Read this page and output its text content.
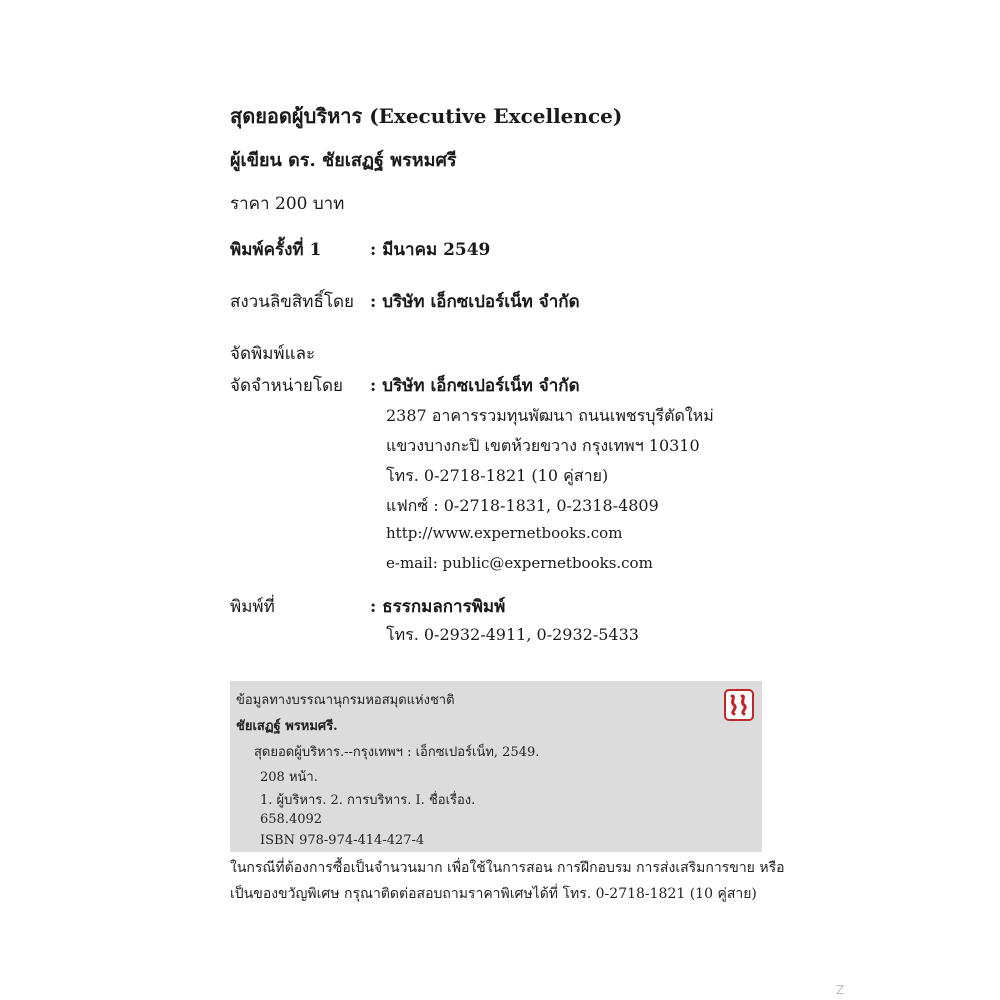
สุดยอดผู้บริหาร (Executive Excellence)
ผู้เขียน ดร. ชัยเสฏฐ์ พรหมศรี
ราคา 200 บาท
พิมพ์ครั้งที่ 1	: มีนาคม 2549
สงวนลิขสิทธิ์โดย : บริษัท เอ็กซเปอร์เน็ท จำกัด
จัดพิมพ์และ
จัดจำหน่ายโดย : บริษัท เอ็กซเปอร์เน็ท จำกัด
2387 อาคารรวมทุนพัฒนา ถนนเพชรบุรีตัดใหม่
แขวงบางกะปิ เขตห้วยขวาง กรุงเทพฯ 10310
โทร. 0-2718-1821 (10 คู่สาย)
แฟกซ์ : 0-2718-1831, 0-2318-4809
http://www.expernetbooks.com
e-mail: public@expernetbooks.com
พิมพ์ที่	: ธรรกมลการพิมพ์
โทร. 0-2932-4911, 0-2932-5433
ข้อมูลทางบรรณานุกรมหอสมุดแห่งชาติ
ชัยเสฏฐ์ พรหมศรี.
สุดยอดผู้บริหาร.--กรุงเทพฯ : เอ็กซเปอร์เน็ท, 2549.
208 หน้า.
1. ผู้บริหาร. 2. การบริหาร. I. ชื่อเรื่อง.
658.4092
ISBN 978-974-414-427-4
ในกรณีที่ต้องการซื้อเป็นจำนวนมาก เพื่อใช้ในการสอน การฝึกอบรม การส่งเสริมการขาย หรือ
เป็นของขวัญพิเศษ กรุณาติดต่อสอบถามราคาพิเศษได้ที่ โทร. 0-2718-1821 (10 คู่สาย)
Z
